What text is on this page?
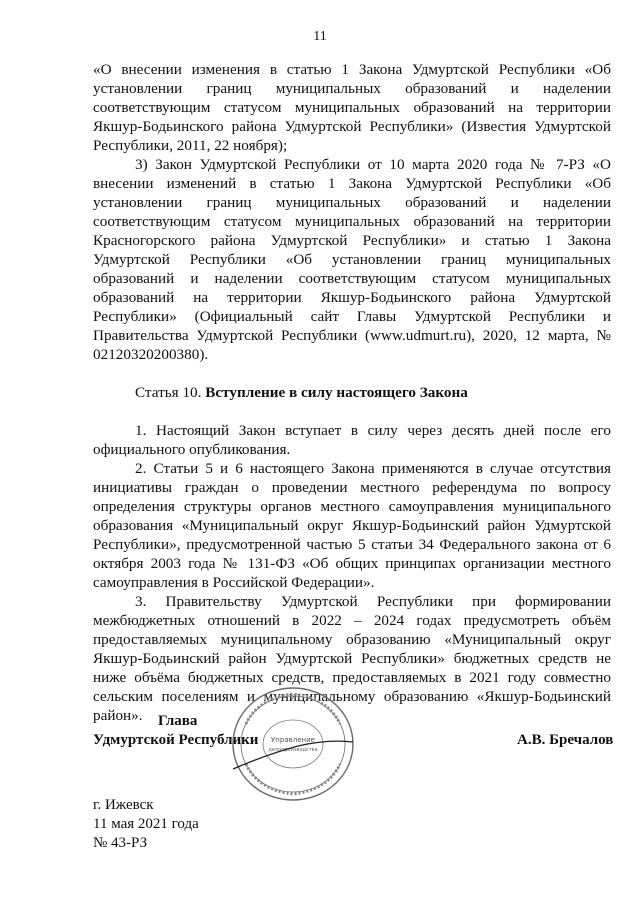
11

«О внесении изменения в статью 1 Закона Удмуртской Республики «Об установлении границ муниципальных образований и наделении соответствующим статусом муниципальных образований на территории Якшур-Бодьинского района Удмуртской Республики» (Известия Удмуртской Республики, 2011, 22 ноября);

3) Закон Удмуртской Республики от 10 марта 2020 года № 7-РЗ «О внесении изменений в статью 1 Закона Удмуртской Республики «Об установлении границ муниципальных образований и наделении соответствующим статусом муниципальных образований на территории Красногорского района Удмуртской Республики» и статью 1 Закона Удмуртской Республики «Об установлении границ муниципальных образований и наделении соответствующим статусом муниципальных образований на территории Якшур-Бодьинского района Удмуртской Республики» (Официальный сайт Главы Удмуртской Республики и Правительства Удмуртской Республики (www.udmurt.ru), 2020, 12 марта, № 02120320200380).

Статья 10. Вступление в силу настоящего Закона

1. Настоящий Закон вступает в силу через десять дней после его официального опубликования.

2. Статьи 5 и 6 настоящего Закона применяются в случае отсутствия инициативы граждан о проведении местного референдума по вопросу определения структуры органов местного самоуправления муниципального образования «Муниципальный округ Якшур-Бодьинский район Удмуртской Республики», предусмотренной частью 5 статьи 34 Федерального закона от 6 октября 2003 года № 131-ФЗ «Об общих принципах организации местного самоуправления в Российской Федерации».

3. Правительству Удмуртской Республики при формировании межбюджетных отношений в 2022 – 2024 годах предусмотреть объём предоставляемых муниципальному образованию «Муниципальный округ Якшур-Бодьинский район Удмуртской Республики» бюджетных средств не ниже объёма бюджетных средств, предоставляемых в 2021 году совместно сельским поселениям и муниципальному образованию «Якшур-Бодьинский район».	Глава
Удмуртской Республики	А.В. Бречалов
Управление
делопроизводства
г. Ижевск
11 мая 2021 года
№ 43-РЗ
